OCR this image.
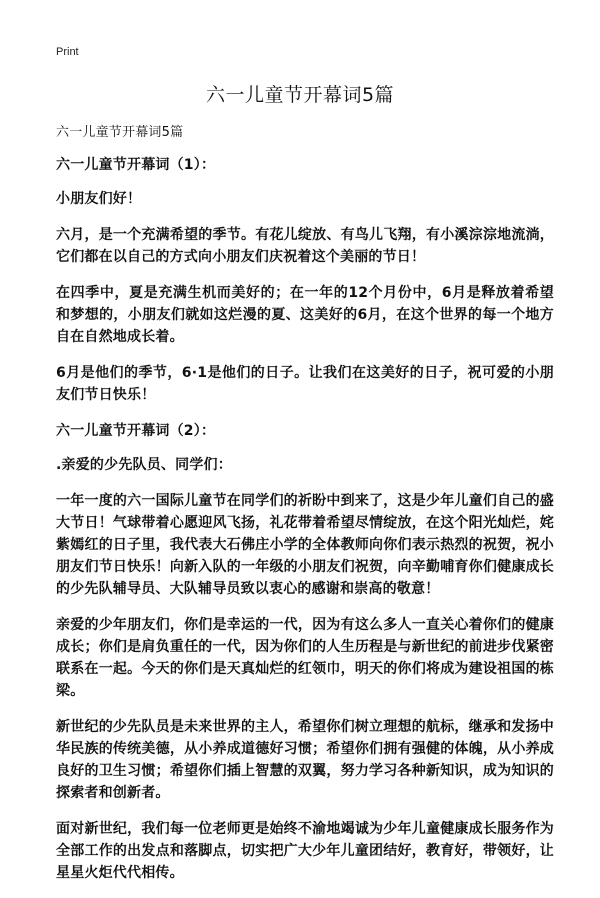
Print
六一儿童节开幕词5篇

六一儿童节开幕词5篇

六一儿童节开幕词（1）：

小朋友们好！

六月，是一个充满希望的季节。有花儿绽放、有鸟儿飞翔，有小溪淙淙地流淌，它们都在以自己的方式向小朋友们庆祝着这个美丽的节日！

在四季中，夏是充满生机而美好的；在一年的12个月份中，6月是释放着希望和梦想的，小朋友们就如这烂漫的夏、这美好的6月，在这个世界的每一个地方自在自然地成长着。

6月是他们的季节，6·1是他们的日子。让我们在这美好的日子，祝可爱的小朋友们节日快乐！

六一儿童节开幕词（2）：

.亲爱的少先队员、同学们：

一年一度的六一国际儿童节在同学们的祈盼中到来了，这是少年儿童们自己的盛大节日！气球带着心愿迎风飞扬，礼花带着希望尽情绽放，在这个阳光灿烂，姹紫嫣红的日子里，我代表大石佛庄小学的全体教师向你们表示热烈的祝贺，祝小朋友们节日快乐！向新入队的一年级的小朋友们祝贺，向辛勤哺育你们健康成长的少先队辅导员、大队辅导员致以衷心的感谢和崇高的敬意！

亲爱的少年朋友们，你们是幸运的一代，因为有这么多人一直关心着你们的健康成长；你们是肩负重任的一代，因为你们的人生历程是与新世纪的前进步伐紧密联系在一起。今天的你们是天真灿烂的红领巾，明天的你们将成为建设祖国的栋梁。

新世纪的少先队员是未来世界的主人，希望你们树立理想的航标，继承和发扬中华民族的传统美德，从小养成道德好习惯；希望你们拥有强健的体魄，从小养成良好的卫生习惯；希望你们插上智慧的双翼，努力学习各种新知识，成为知识的探索者和创新者。

面对新世纪，我们每一位老师更是始终不渝地竭诚为少年儿童健康成长服务作为全部工作的出发点和落脚点，切实把广大少年儿童团结好，教育好，带领好，让星星火炬代代相传。
